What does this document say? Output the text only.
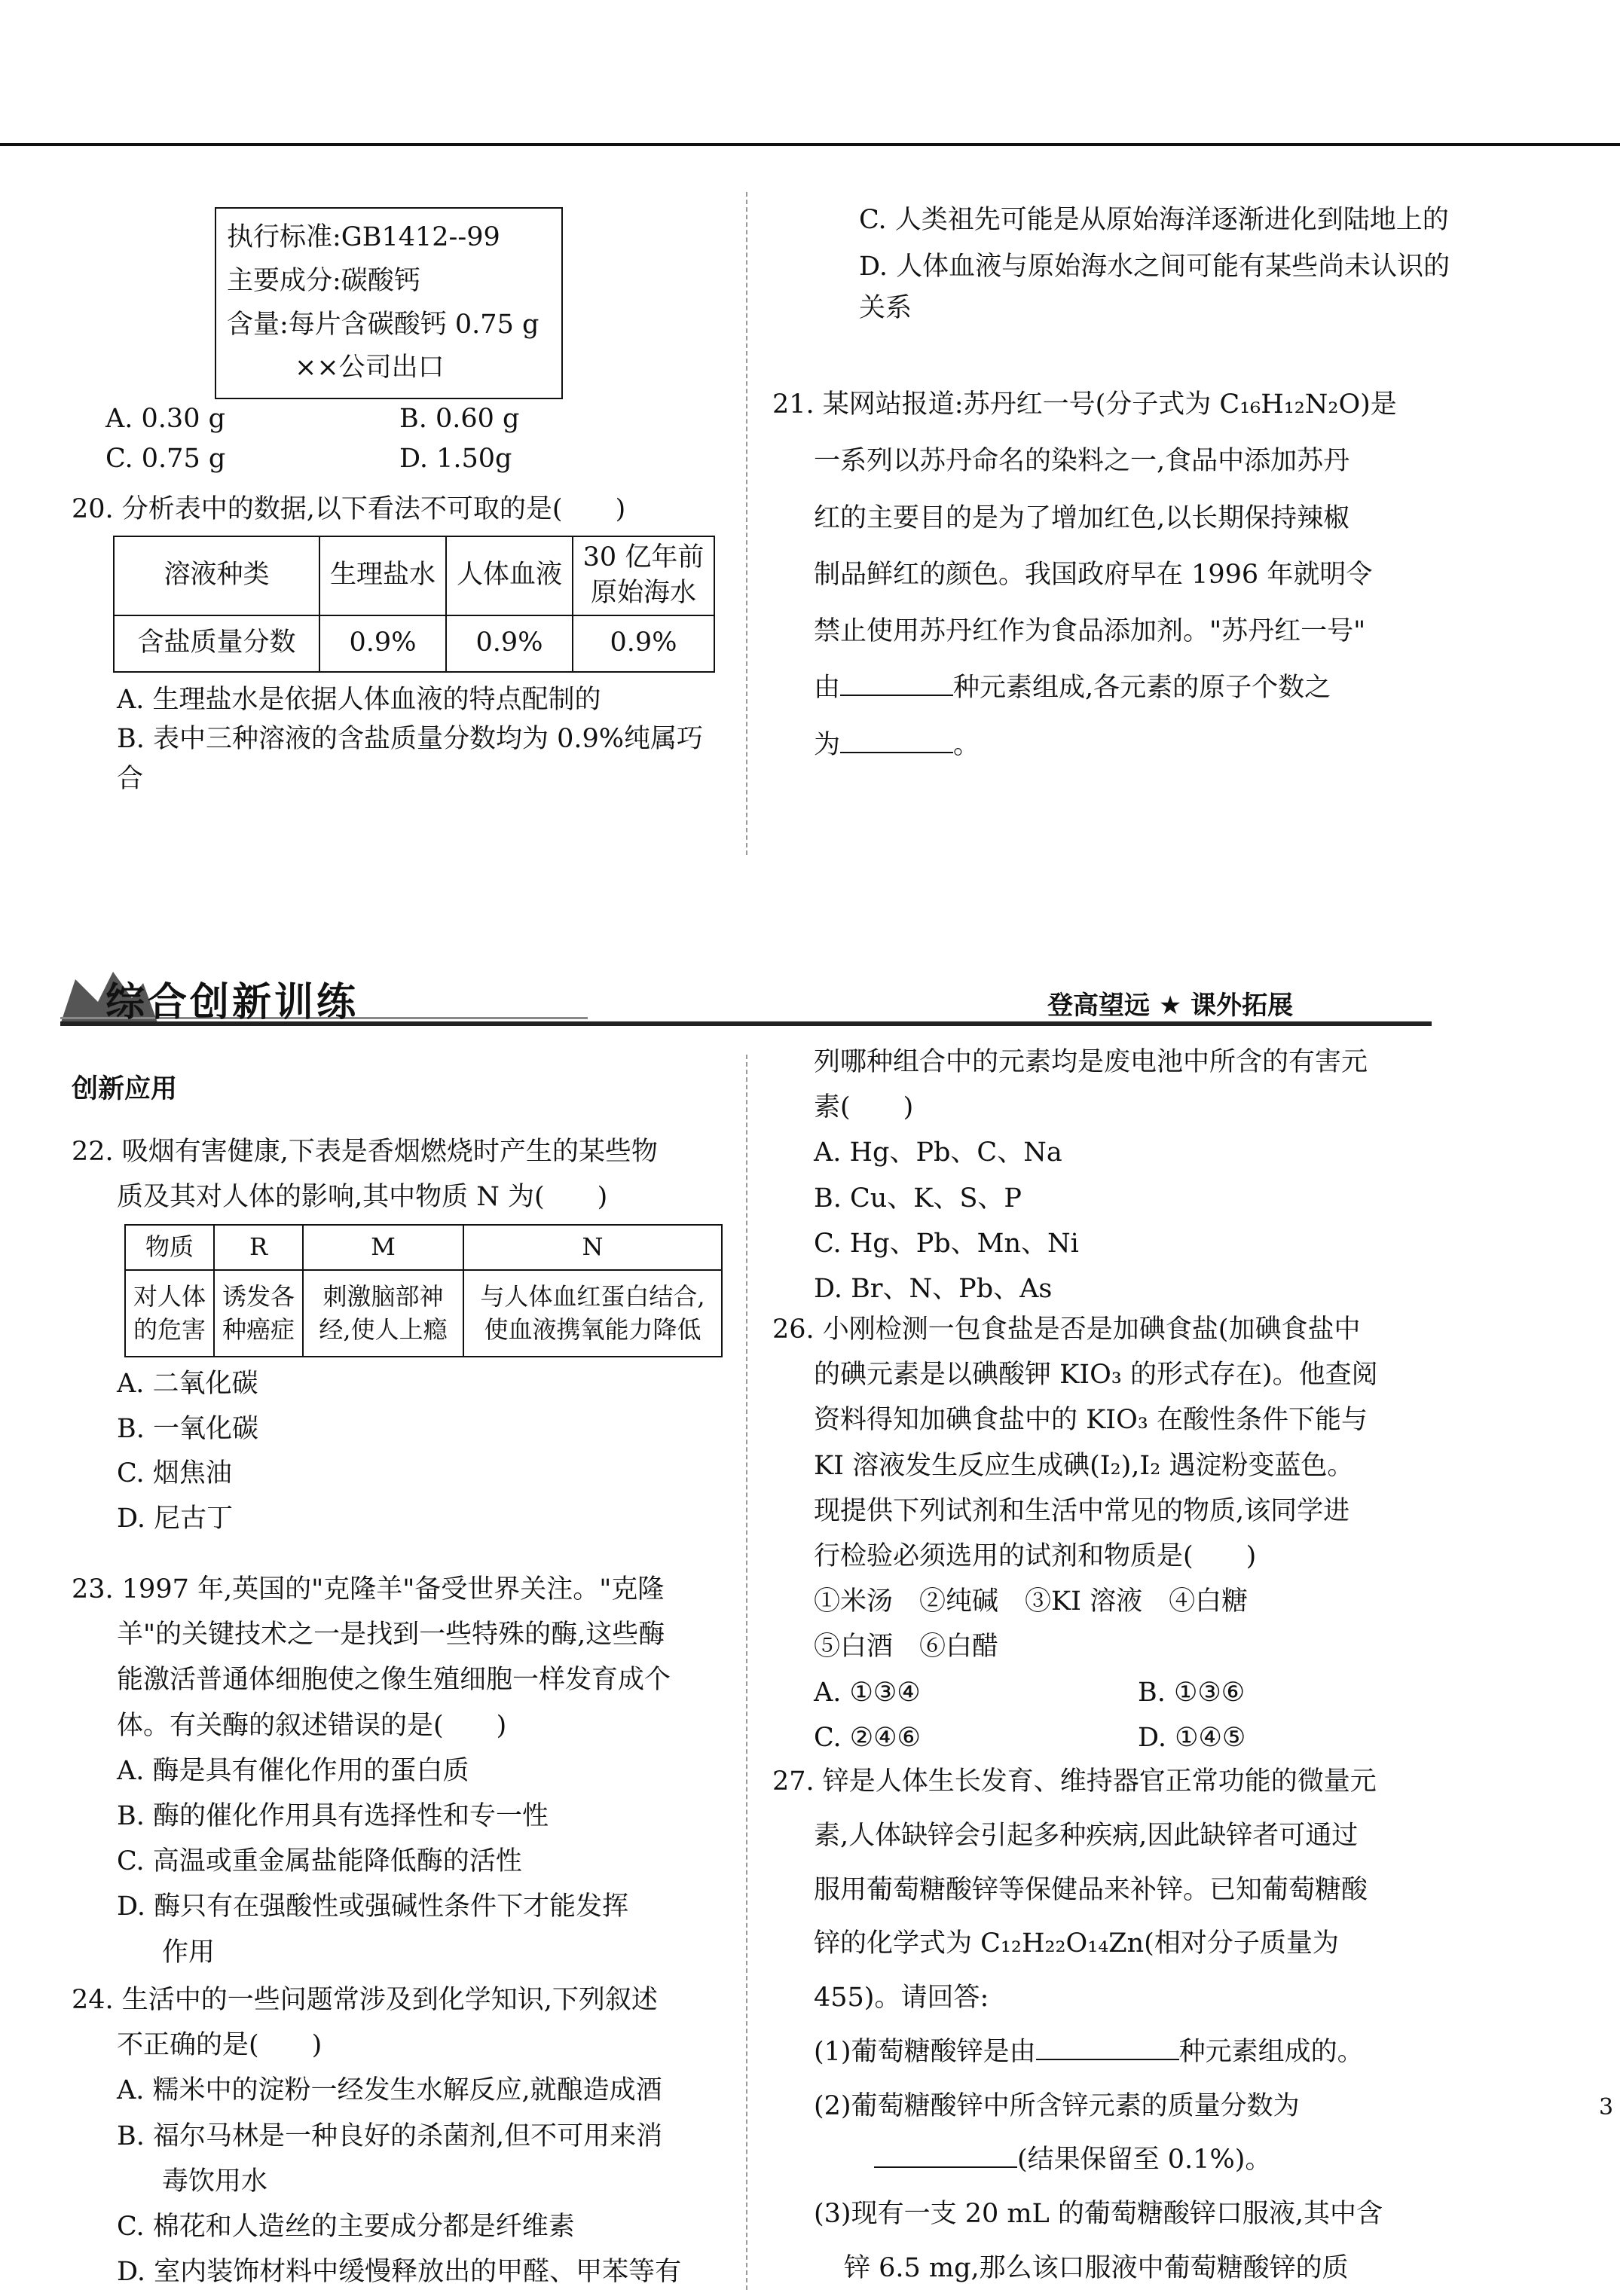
执行标准:GB1412--99
主要成分:碳酸钙
含量:每片含碳酸钙 0.75 g
××公司出口
A. 0.30 g	B. 0.60 g
C. 0.75 g	D. 1.50g
20. 分析表中的数据,以下看法不可取的是(　　)
溶液种类	生理盐水	人体血液	30 亿年前原始海水
含盐质量分数	0.9%	0.9%	0.9%
A. 生理盐水是依据人体血液的特点配制的
B. 表中三种溶液的含盐质量分数均为 0.9%纯属巧合
C. 人类祖先可能是从原始海洋逐渐进化到陆地上的
D. 人体血液与原始海水之间可能有某些尚未认识的关系
21. 某网站报道:苏丹红一号(分子式为 C₁₆H₁₂N₂O)是
一系列以苏丹命名的染料之一,食品中添加苏丹
红的主要目的是为了增加红色,以长期保持辣椒
制品鲜红的颜色。我国政府早在 1996 年就明令
禁止使用苏丹红作为食品添加剂。"苏丹红一号"
由	种元素组成,各元素的原子个数之
为	。
综合创新训练	登高望远 ★ 课外拓展
创新应用
22. 吸烟有害健康,下表是香烟燃烧时产生的某些物
质及其对人体的影响,其中物质 N 为(　　)
物质	R	M	N
对人体的危害	诱发各种癌症	刺激脑部神经,使人上瘾	与人体血红蛋白结合,使血液携氧能力降低
A. 二氧化碳
B. 一氧化碳
C. 烟焦油
D. 尼古丁
23. 1997 年,英国的"克隆羊"备受世界关注。"克隆
羊"的关键技术之一是找到一些特殊的酶,这些酶
能激活普通体细胞使之像生殖细胞一样发育成个
体。有关酶的叙述错误的是(　　)
A. 酶是具有催化作用的蛋白质
B. 酶的催化作用具有选择性和专一性
C. 高温或重金属盐能降低酶的活性
D. 酶只有在强酸性或强碱性条件下才能发挥
作用
24. 生活中的一些问题常涉及到化学知识,下列叙述
不正确的是(　　)
A. 糯米中的淀粉一经发生水解反应,就酿造成酒
B. 福尔马林是一种良好的杀菌剂,但不可用来消
毒饮用水
C. 棉花和人造丝的主要成分都是纤维素
D. 室内装饰材料中缓慢释放出的甲醛、甲苯等有
列哪种组合中的元素均是废电池中所含的有害元
素(　　)
A. Hg、Pb、C、Na
B. Cu、K、S、P
C. Hg、Pb、Mn、Ni
D. Br、N、Pb、As
26. 小刚检测一包食盐是否是加碘食盐(加碘食盐中
的碘元素是以碘酸钾 KIO₃ 的形式存在)。他查阅
资料得知加碘食盐中的 KIO₃ 在酸性条件下能与
KI 溶液发生反应生成碘(I₂),I₂ 遇淀粉变蓝色。
现提供下列试剂和生活中常见的物质,该同学进
行检验必须选用的试剂和物质是(　　)
①米汤　②纯碱　③KI 溶液　④白糖
⑤白酒　⑥白醋
A. ①③④	B. ①③⑥
C. ②④⑥	D. ①④⑤
27. 锌是人体生长发育、维持器官正常功能的微量元
素,人体缺锌会引起多种疾病,因此缺锌者可通过
服用葡萄糖酸锌等保健品来补锌。已知葡萄糖酸
锌的化学式为 C₁₂H₂₂O₁₄Zn(相对分子质量为
455)。请回答:
(1)葡萄糖酸锌是由	种元素组成的。
(2)葡萄糖酸锌中所含锌元素的质量分数为
(结果保留至 0.1%)。
(3)现有一支 20 mL 的葡萄糖酸锌口服液,其中含
锌 6.5 mg,那么该口服液中葡萄糖酸锌的质
3
